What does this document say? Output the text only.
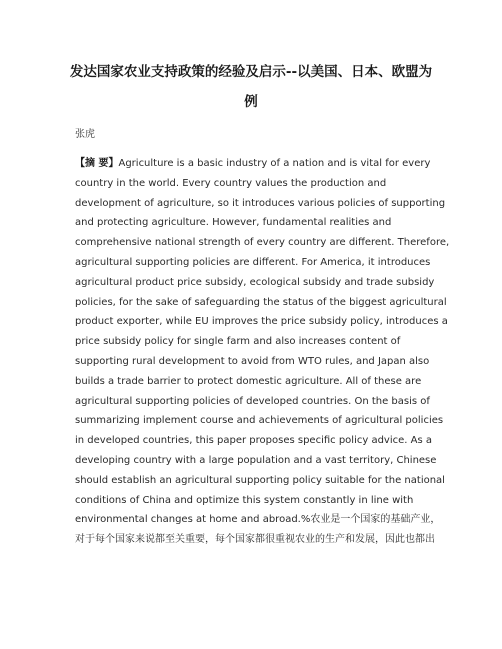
发达国家农业支持政策的经验及启示--以美国、日本、欧盟为
例
张虎
【摘 要】Agriculture is a basic industry of a nation and is vital for every
country in the world. Every country values the production and
development of agriculture, so it introduces various policies of supporting
and protecting agriculture. However, fundamental realities and
comprehensive national strength of every country are different. Therefore,
agricultural supporting policies are different. For America, it introduces
agricultural product price subsidy, ecological subsidy and trade subsidy
policies, for the sake of safeguarding the status of the biggest agricultural
product exporter, while EU improves the price subsidy policy, introduces a
price subsidy policy for single farm and also increases content of
supporting rural development to avoid from WTO rules, and Japan also
builds a trade barrier to protect domestic agriculture. All of these are
agricultural supporting policies of developed countries. On the basis of
summarizing implement course and achievements of agricultural policies
in developed countries, this paper proposes specific policy advice. As a
developing country with a large population and a vast territory, Chinese
should establish an agricultural supporting policy suitable for the national
conditions of China and optimize this system constantly in line with
environmental changes at home and abroad.%农业是一个国家的基础产业，
对于每个国家来说都至关重要，每个国家都很重视农业的生产和发展，因此也都出
